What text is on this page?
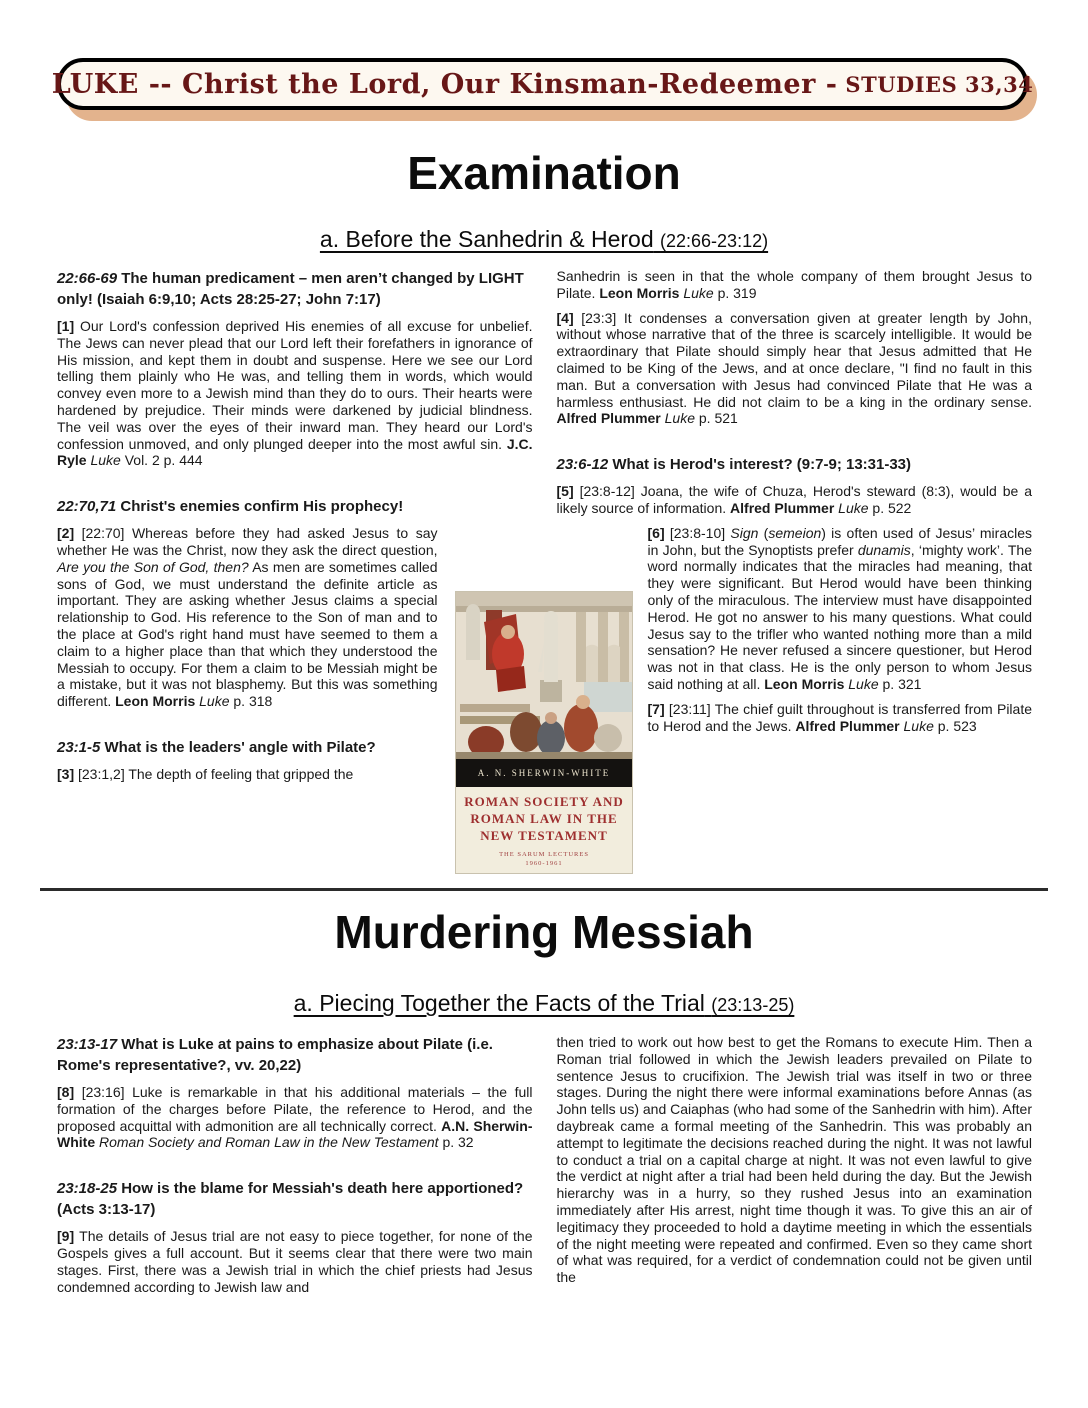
LUKE -- Christ the Lord, Our Kinsman-Redeemer - STUDIES 33,34
Examination
a. Before the Sanhedrin & Herod (22:66-23:12)
22:66-69 The human predicament – men aren’t changed by LIGHT only! (Isaiah 6:9,10; Acts 28:25-27; John 7:17)
[1] Our Lord's confession deprived His enemies of all excuse for unbelief. The Jews can never plead that our Lord left their forefathers in ignorance of His mission, and kept them in doubt and suspense. Here we see our Lord telling them plainly who He was, and telling them in words, which would convey even more to a Jewish mind than they do to ours. Their hearts were hardened by prejudice. Their minds were darkened by judicial blindness. The veil was over the eyes of their inward man. They heard our Lord's confession unmoved, and only plunged deeper into the most awful sin. J.C. Ryle Luke Vol. 2 p. 444
22:70,71 Christ's enemies confirm His prophecy!
[2] [22:70] Whereas before they had asked Jesus to say whether He was the Christ, now they ask the direct question, Are you the Son of God, then? As men are sometimes called sons of God, we must understand the definite article as important. They are asking whether Jesus claims a special relationship to God. His reference to the Son of man and to the place at God's right hand must have seemed to them a claim to a higher place than that which they understood the Messiah to occupy. For them a claim to be Messiah might be a mistake, but it was not blasphemy. But this was something different. Leon Morris Luke p. 318
23:1-5 What is the leaders' angle with Pilate?
[3] [23:1,2] The depth of feeling that gripped the
Sanhedrin is seen in that the whole company of them brought Jesus to Pilate. Leon Morris Luke p. 319
[4] [23:3] It condenses a conversation given at greater length by John, without whose narrative that of the three is scarcely intelligible. It would be extraordinary that Pilate should simply hear that Jesus admitted that He claimed to be King of the Jews, and at once declare, "I find no fault in this man. But a conversation with Jesus had convinced Pilate that He was a harmless enthusiast. He did not claim to be a king in the ordinary sense. Alfred Plummer Luke p. 521
23:6-12 What is Herod's interest? (9:7-9; 13:31-33)
[5] [23:8-12] Joana, the wife of Chuza, Herod's steward (8:3), would be a likely source of information. Alfred Plummer Luke p. 522
[6] [23:8-10] Sign (semeion) is often used of Jesus’ miracles in John, but the Synoptists prefer dunamis, ‘mighty work’. The word normally indicates that the miracles had meaning, that they were significant. But Herod would have been thinking only of the miraculous. The interview must have disappointed Herod. He got no answer to his many questions. What could Jesus say to the trifler who wanted nothing more than a mild sensation? He never refused a sincere questioner, but Herod was not in that class. He is the only person to whom Jesus said nothing at all. Leon Morris Luke p. 321
[7] [23:11] The chief guilt throughout is transferred from Pilate to Herod and the Jews. Alfred Plummer Luke p. 523
A. N. SHERWIN-WHITE
ROMAN SOCIETY AND
ROMAN LAW IN THE
NEW TESTAMENT
THE SARUM LECTURES
1960-1961
Murdering Messiah
a. Piecing Together the Facts of the Trial (23:13-25)
23:13-17 What is Luke at pains to emphasize about Pilate (i.e. Rome's representative?, vv. 20,22)
[8] [23:16] Luke is remarkable in that his additional materials – the full formation of the charges before Pilate, the reference to Herod, and the proposed acquittal with admonition are all technically correct. A.N. Sherwin-White Roman Society and Roman Law in the New Testament p. 32
23:18-25 How is the blame for Messiah's death here apportioned? (Acts 3:13-17)
[9] The details of Jesus trial are not easy to piece together, for none of the Gospels gives a full account. But it seems clear that there were two main stages. First, there was a Jewish trial in which the chief priests had Jesus condemned according to Jewish law and
then tried to work out how best to get the Romans to execute Him. Then a Roman trial followed in which the Jewish leaders prevailed on Pilate to sentence Jesus to crucifixion. The Jewish trial was itself in two or three stages. During the night there were informal examinations before Annas (as John tells us) and Caiaphas (who had some of the Sanhedrin with him). After daybreak came a formal meeting of the Sanhedrin. This was probably an attempt to legitimate the decisions reached during the night. It was not lawful to conduct a trial on a capital charge at night. It was not even lawful to give the verdict at night after a trial had been held during the day. But the Jewish hierarchy was in a hurry, so they rushed Jesus into an examination immediately after His arrest, night time though it was. To give this an air of legitimacy they proceeded to hold a daytime meeting in which the essentials of the night meeting were repeated and confirmed. Even so they came short of what was required, for a verdict of condemnation could not be given until the
